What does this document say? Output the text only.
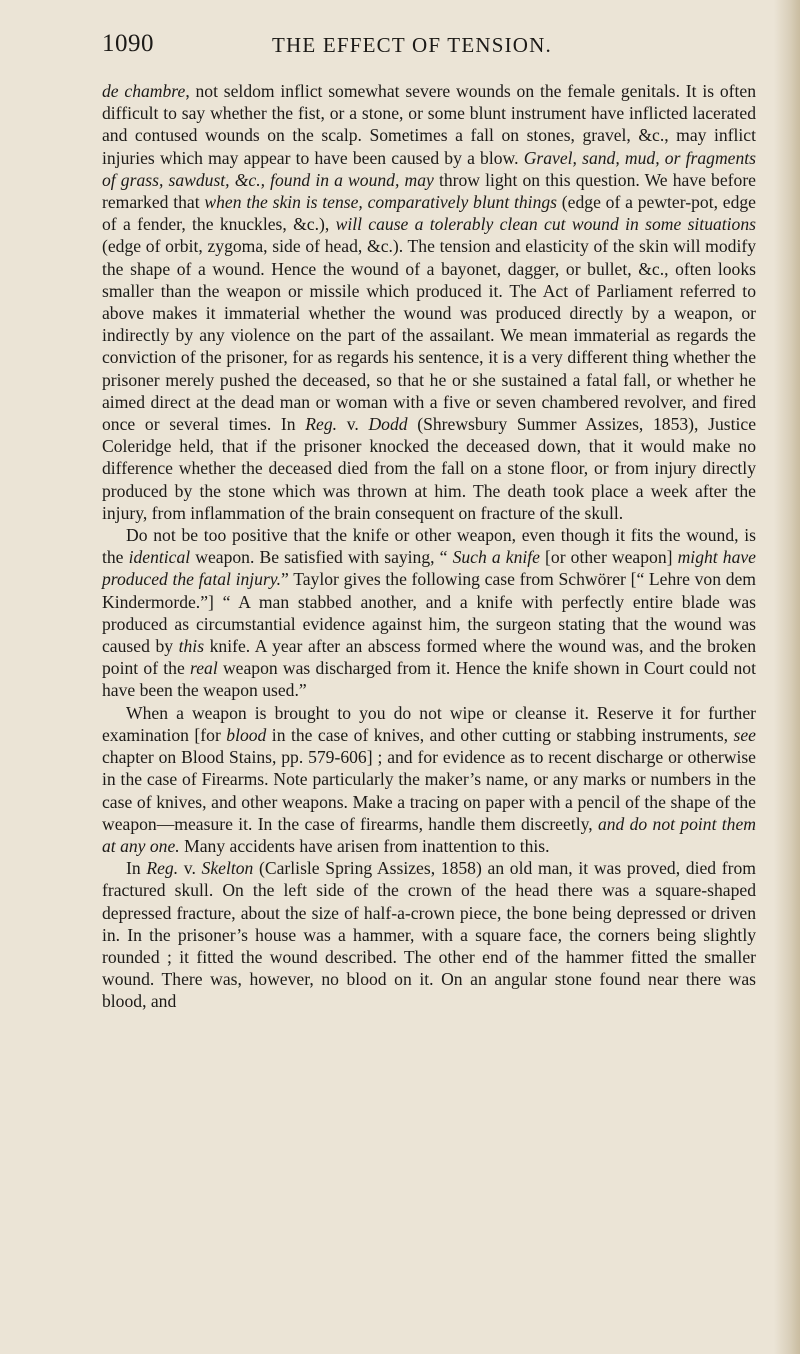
1090	THE EFFECT OF TENSION.

de chambre, not seldom inflict somewhat severe wounds on the female genitals. It is often difficult to say whether the fist, or a stone, or some blunt instrument have inflicted lacerated and contused wounds on the scalp. Sometimes a fall on stones, gravel, &c., may inflict injuries which may appear to have been caused by a blow. Gravel, sand, mud, or fragments of grass, sawdust, &c., found in a wound, may throw light on this question. We have before remarked that when the skin is tense, comparatively blunt things (edge of a pewter-pot, edge of a fender, the knuckles, &c.), will cause a tolerably clean cut wound in some situations (edge of orbit, zygoma, side of head, &c.). The tension and elasticity of the skin will modify the shape of a wound. Hence the wound of a bayonet, dagger, or bullet, &c., often looks smaller than the weapon or missile which produced it. The Act of Parliament referred to above makes it immaterial whether the wound was produced directly by a weapon, or indirectly by any violence on the part of the assailant. We mean immaterial as regards the conviction of the prisoner, for as regards his sentence, it is a very different thing whether the prisoner merely pushed the deceased, so that he or she sustained a fatal fall, or whether he aimed direct at the dead man or woman with a five or seven chambered revolver, and fired once or several times. In Reg. v. Dodd (Shrewsbury Summer Assizes, 1853), Justice Coleridge held, that if the prisoner knocked the deceased down, that it would make no difference whether the deceased died from the fall on a stone floor, or from injury directly produced by the stone which was thrown at him. The death took place a week after the injury, from inflammation of the brain consequent on fracture of the skull.

Do not be too positive that the knife or other weapon, even though it fits the wound, is the identical weapon. Be satisfied with saying, “ Such a knife [or other weapon] might have produced the fatal injury.” Taylor gives the following case from Schwörer [“ Lehre von dem Kindermorde.”] “ A man stabbed another, and a knife with perfectly entire blade was produced as circumstantial evidence against him, the surgeon stating that the wound was caused by this knife. A year after an abscess formed where the wound was, and the broken point of the real weapon was discharged from it. Hence the knife shown in Court could not have been the weapon used.”

When a weapon is brought to you do not wipe or cleanse it. Reserve it for further examination [for blood in the case of knives, and other cutting or stabbing instruments, see chapter on Blood Stains, pp. 579-606] ; and for evidence as to recent discharge or otherwise in the case of Firearms. Note particularly the maker’s name, or any marks or numbers in the case of knives, and other weapons. Make a tracing on paper with a pencil of the shape of the weapon—measure it. In the case of firearms, handle them discreetly, and do not point them at any one. Many accidents have arisen from inattention to this.

In Reg. v. Skelton (Carlisle Spring Assizes, 1858) an old man, it was proved, died from fractured skull. On the left side of the crown of the head there was a square-shaped depressed fracture, about the size of half-a-crown piece, the bone being depressed or driven in. In the prisoner’s house was a hammer, with a square face, the corners being slightly rounded ; it fitted the wound described. The other end of the hammer fitted the smaller wound. There was, however, no blood on it. On an angular stone found near there was blood, and
